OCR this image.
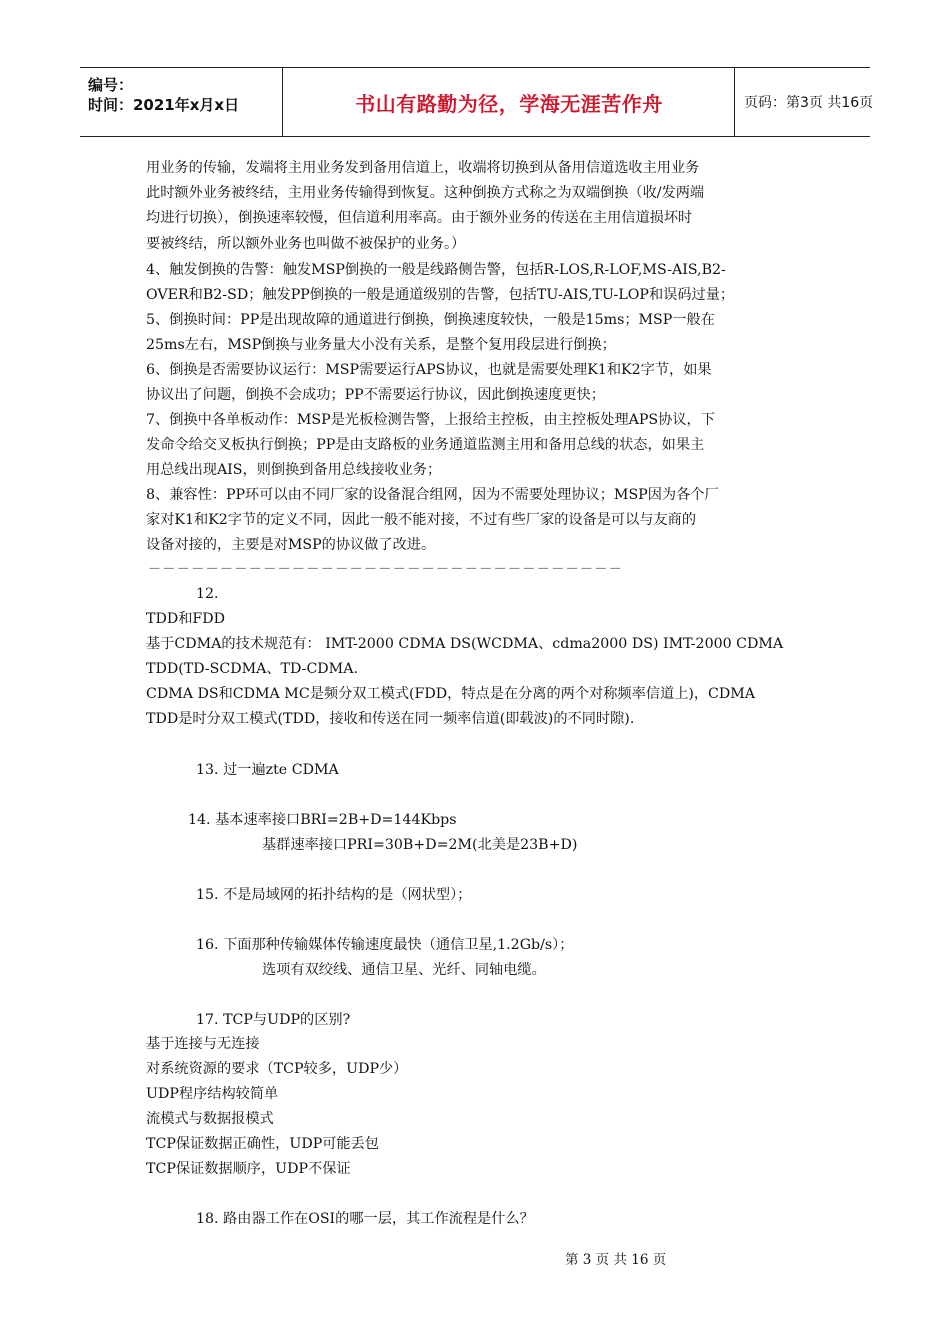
编号：
时间：2021年x月x日	书山有路勤为径，学海无涯苦作舟	页码：第3页 共16页
用业务的传输，发端将主用业务发到备用信道上，收端将切换到从备用信道选收主用业务
此时额外业务被终结，主用业务传输得到恢复。这种倒换方式称之为双端倒换（收/发两端
均进行切换），倒换速率较慢，但信道利用率高。由于额外业务的传送在主用信道损坏时
要被终结，所以额外业务也叫做不被保护的业务。）
4、触发倒换的告警：触发MSP倒换的一般是线路侧告警，包括R-LOS,R-LOF,MS-AIS,B2-
OVER和B2-SD；触发PP倒换的一般是通道级别的告警，包括TU-AIS,TU-LOP和误码过量；
5、倒换时间：PP是出现故障的通道进行倒换，倒换速度较快，一般是15ms；MSP一般在
25ms左右，MSP倒换与业务量大小没有关系，是整个复用段层进行倒换；
6、倒换是否需要协议运行：MSP需要运行APS协议，也就是需要处理K1和K2字节，如果
协议出了问题，倒换不会成功；PP不需要运行协议，因此倒换速度更快；
7、倒换中各单板动作：MSP是光板检测告警，上报给主控板，由主控板处理APS协议，下
发命令给交叉板执行倒换；PP是由支路板的业务通道监测主用和备用总线的状态，如果主
用总线出现AIS，则倒换到备用总线接收业务；
8、兼容性：PP环可以由不同厂家的设备混合组网，因为不需要处理协议；MSP因为各个厂
家对K1和K2字节的定义不同，因此一般不能对接，不过有些厂家的设备是可以与友商的
设备对接的，主要是对MSP的协议做了改进。
－－－－－－－－－－－－－－－－－－－－－－－－－－－－－－－－－
12.
TDD和FDD
基于CDMA的技术规范有： IMT-2000 CDMA DS(WCDMA、cdma2000 DS) IMT-2000 CDMA
TDD(TD-SCDMA、TD-CDMA.
CDMA DS和CDMA MC是频分双工模式(FDD，特点是在分离的两个对称频率信道上)，CDMA
TDD是时分双工模式(TDD，接收和传送在同一频率信道(即载波)的不同时隙).
13. 过一遍zte CDMA
14. 基本速率接口BRI=2B+D=144Kbps
基群速率接口PRI=30B+D=2M(北美是23B+D)
15. 不是局域网的拓扑结构的是（网状型）；
16. 下面那种传输媒体传输速度最快（通信卫星,1.2Gb/s）；
选项有双绞线、通信卫星、光纤、同轴电缆。
17. TCP与UDP的区别?
基于连接与无连接
对系统资源的要求（TCP较多，UDP少）
UDP程序结构较简单
流模式与数据报模式
TCP保证数据正确性，UDP可能丢包
TCP保证数据顺序，UDP不保证
18. 路由器工作在OSI的哪一层，其工作流程是什么？
第 3 页 共 16 页
